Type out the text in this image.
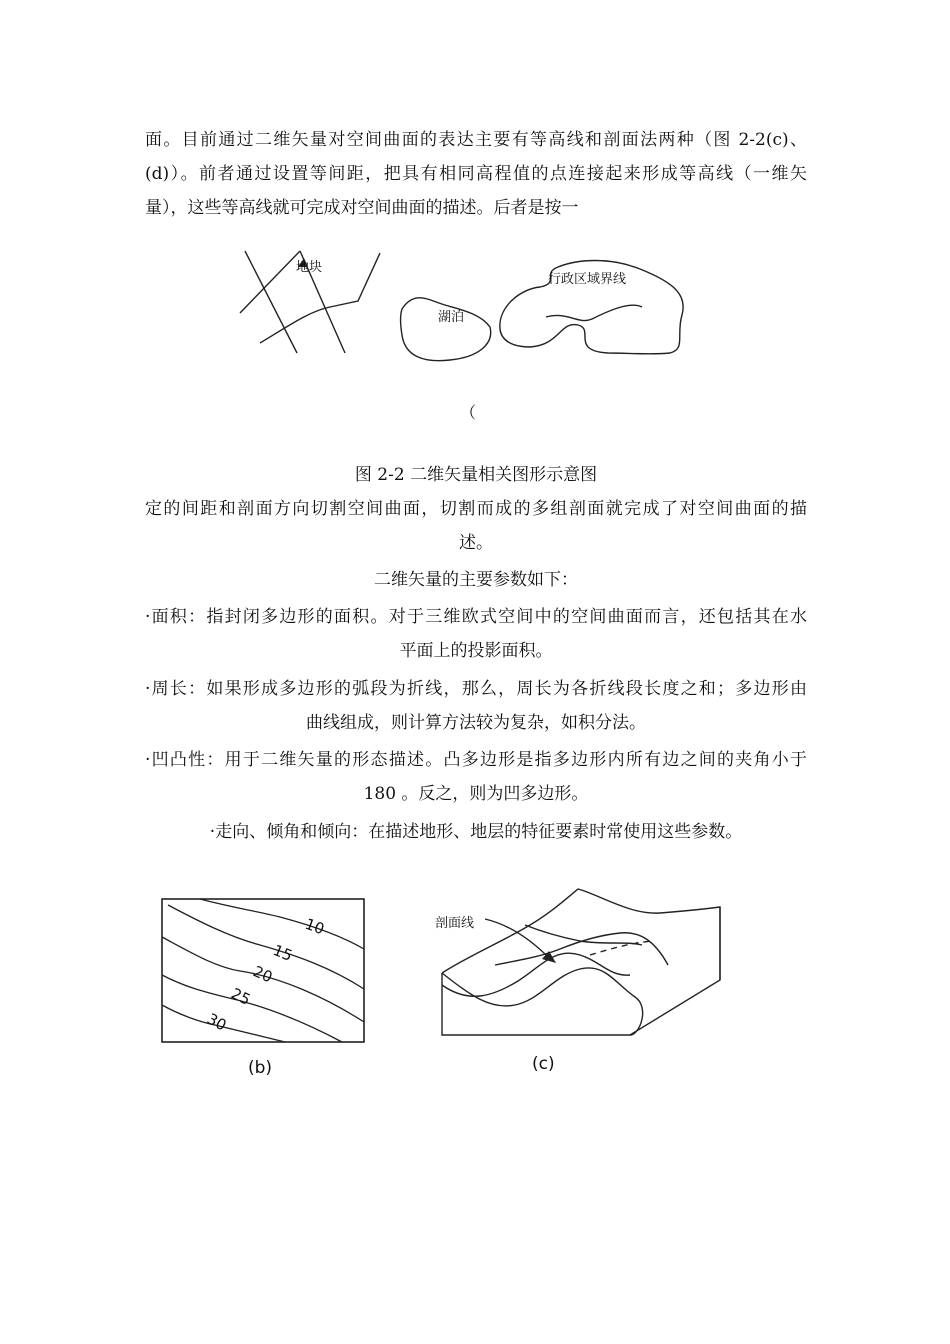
面。目前通过二维矢量对空间曲面的表达主要有等高线和剖面法两种（图 2-2(c)、
(d)）。前者通过设置等间距，把具有相同高程值的点连接起来形成等高线（一维矢
量），这些等高线就可完成对空间曲面的描述。后者是按一
地块
湖泊
行政区域界线
（
图 2-2 二维矢量相关图形示意图
定的间距和剖面方向切割空间曲面，切割而成的多组剖面就完成了对空间曲面的描
述。
二维矢量的主要参数如下：
·面积：指封闭多边形的面积。对于三维欧式空间中的空间曲面而言，还包括其在水
平面上的投影面积。
·周长：如果形成多边形的弧段为折线，那么，周长为各折线段长度之和；多边形由
曲线组成，则计算方法较为复杂，如积分法。
·凹凸性：用于二维矢量的形态描述。凸多边形是指多边形内所有边之间的夹角小于
180 。反之，则为凹多边形。
·走向、倾角和倾向：在描述地形、地层的特征要素时常使用这些参数。
10
15
20
25
30
(b)
剖面线
(c)
